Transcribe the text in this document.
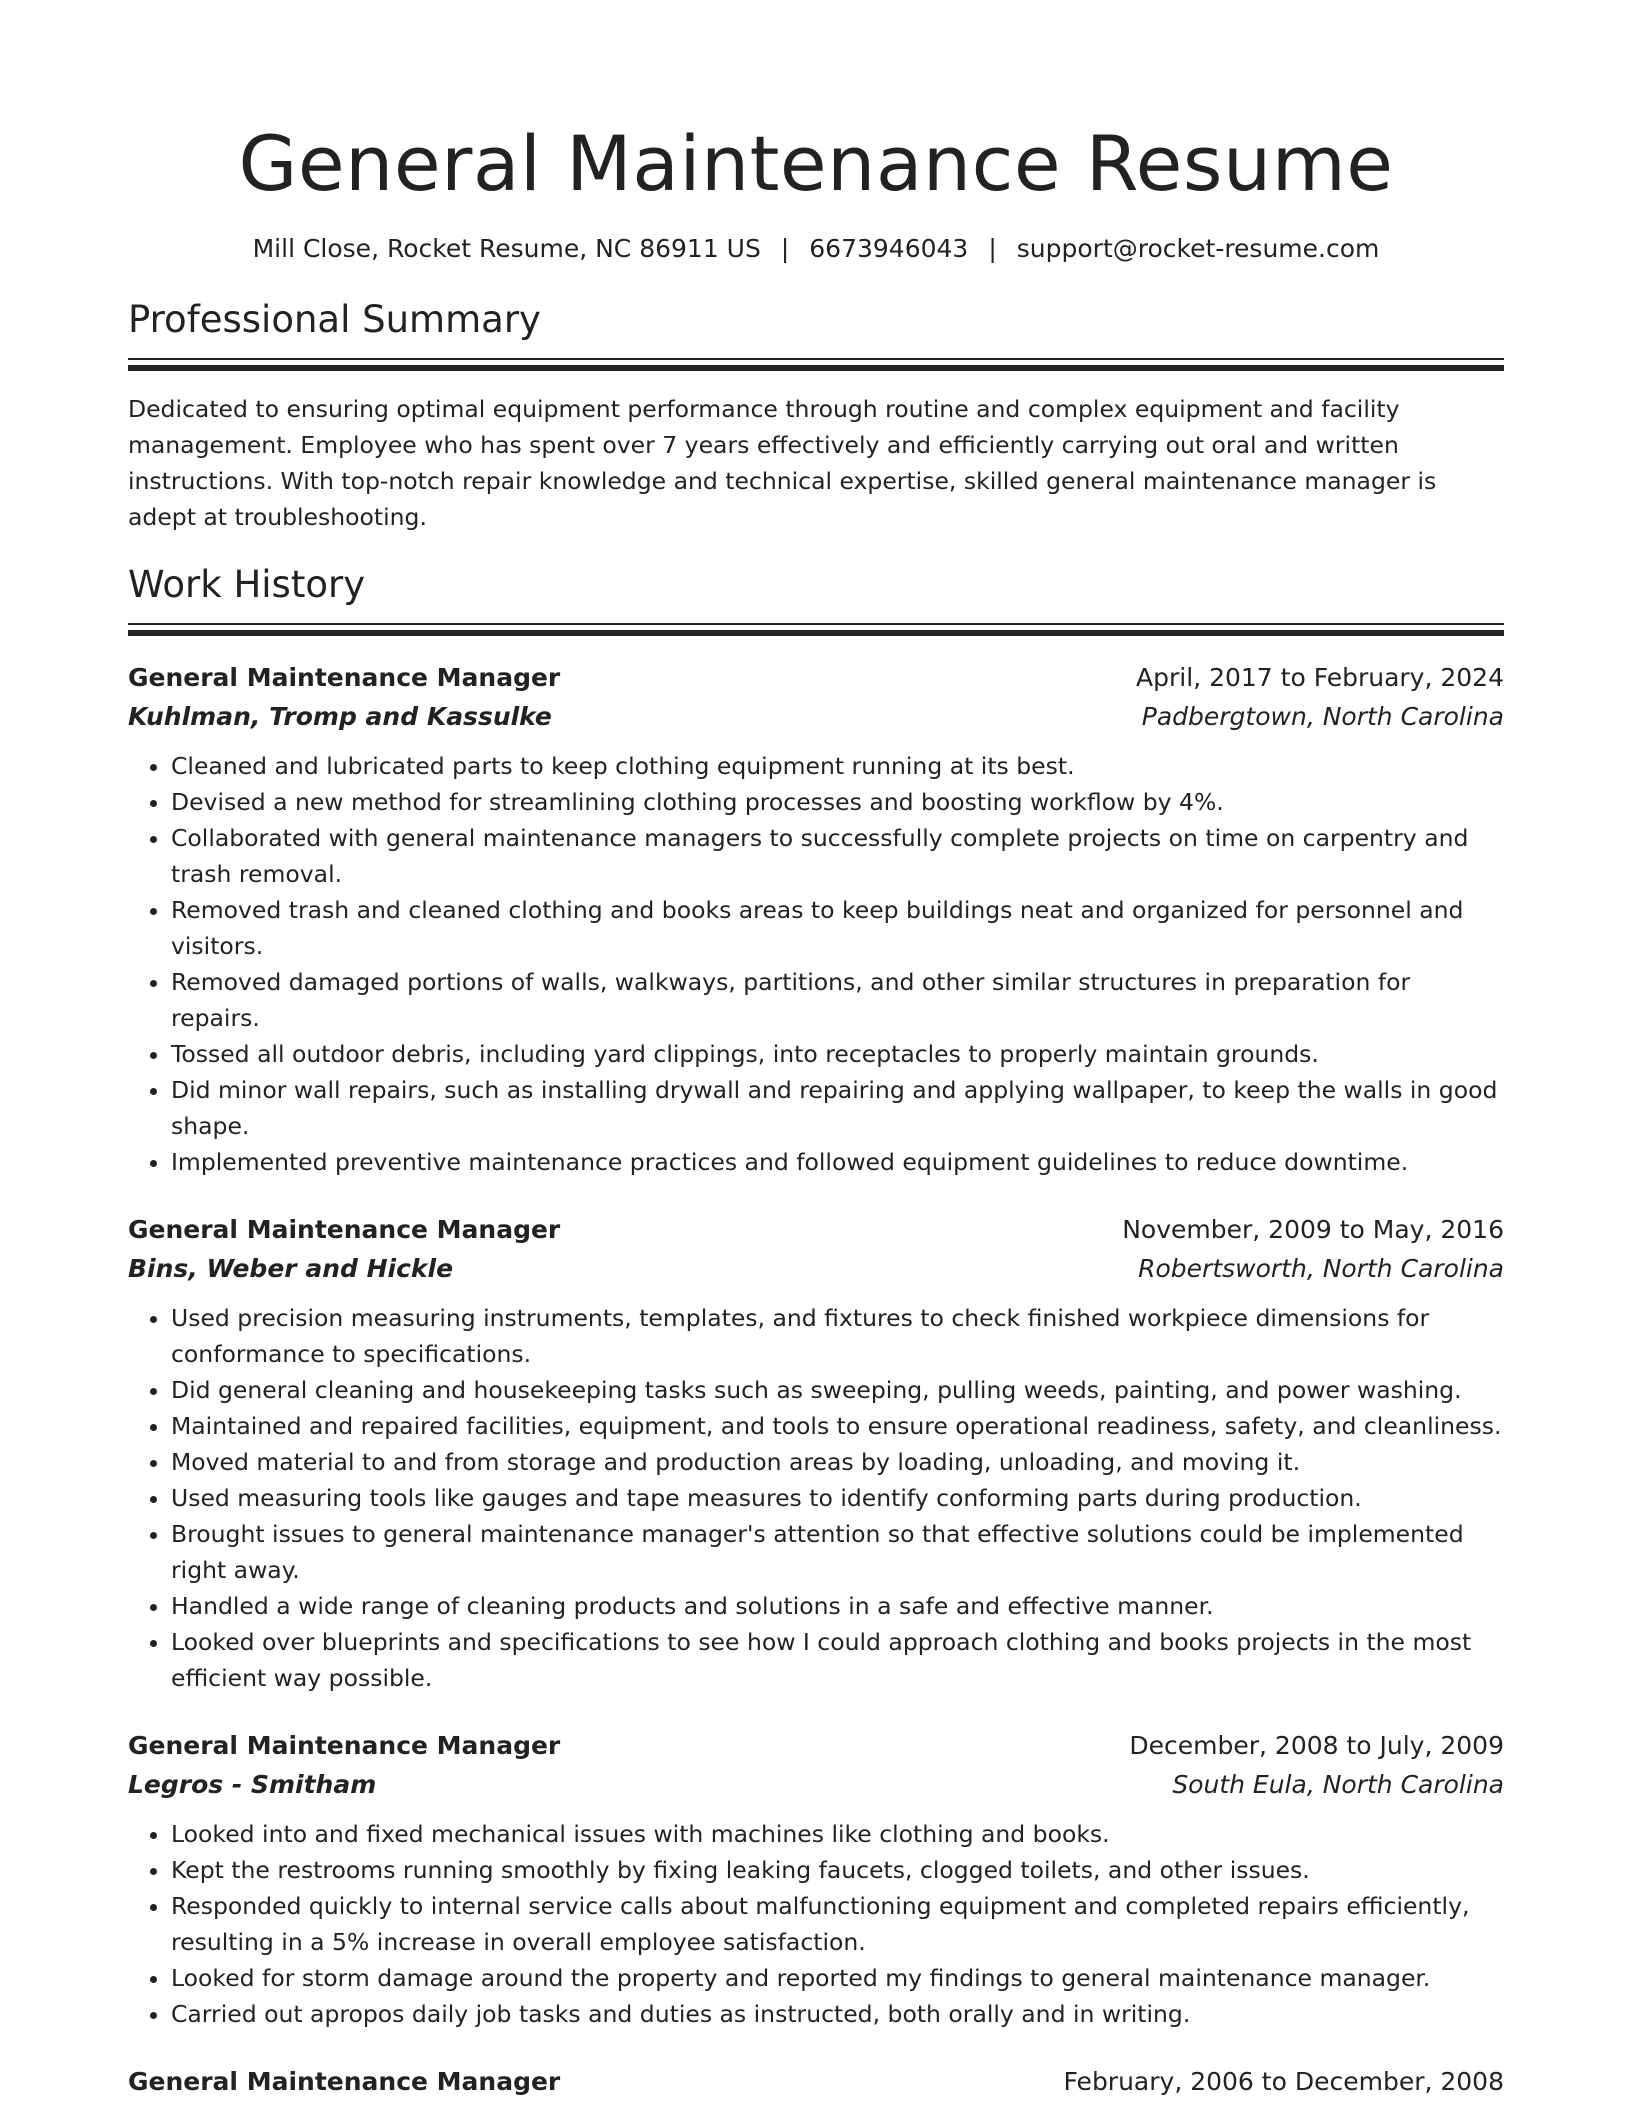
General Maintenance Resume
Mill Close, Rocket Resume, NC 86911 US | 6673946043 | support@rocket-resume.com
Professional Summary

Dedicated to ensuring optimal equipment performance through routine and complex equipment and facility management. Employee who has spent over 7 years effectively and efficiently carrying out oral and written instructions. With top-notch repair knowledge and technical expertise, skilled general maintenance manager is adept at troubleshooting.

Work History
General Maintenance Manager	April, 2017 to February, 2024
Kuhlman, Tromp and Kassulke	Padbergtown, North Carolina
• Cleaned and lubricated parts to keep clothing equipment running at its best.
• Devised a new method for streamlining clothing processes and boosting workflow by 4%.
• Collaborated with general maintenance managers to successfully complete projects on time on carpentry and trash removal.
• Removed trash and cleaned clothing and books areas to keep buildings neat and organized for personnel and visitors.
• Removed damaged portions of walls, walkways, partitions, and other similar structures in preparation for repairs.
• Tossed all outdoor debris, including yard clippings, into receptacles to properly maintain grounds.
• Did minor wall repairs, such as installing drywall and repairing and applying wallpaper, to keep the walls in good shape.
• Implemented preventive maintenance practices and followed equipment guidelines to reduce downtime.
General Maintenance Manager	November, 2009 to May, 2016
Bins, Weber and Hickle	Robertsworth, North Carolina
• Used precision measuring instruments, templates, and fixtures to check finished workpiece dimensions for conformance to specifications.
• Did general cleaning and housekeeping tasks such as sweeping, pulling weeds, painting, and power washing.
• Maintained and repaired facilities, equipment, and tools to ensure operational readiness, safety, and cleanliness.
• Moved material to and from storage and production areas by loading, unloading, and moving it.
• Used measuring tools like gauges and tape measures to identify conforming parts during production.
• Brought issues to general maintenance manager's attention so that effective solutions could be implemented right away.
• Handled a wide range of cleaning products and solutions in a safe and effective manner.
• Looked over blueprints and specifications to see how I could approach clothing and books projects in the most efficient way possible.
General Maintenance Manager	December, 2008 to July, 2009
Legros - Smitham	South Eula, North Carolina
• Looked into and fixed mechanical issues with machines like clothing and books.
• Kept the restrooms running smoothly by fixing leaking faucets, clogged toilets, and other issues.
• Responded quickly to internal service calls about malfunctioning equipment and completed repairs efficiently, resulting in a 5% increase in overall employee satisfaction.
• Looked for storm damage around the property and reported my findings to general maintenance manager.
• Carried out apropos daily job tasks and duties as instructed, both orally and in writing.
General Maintenance Manager	February, 2006 to December, 2008
